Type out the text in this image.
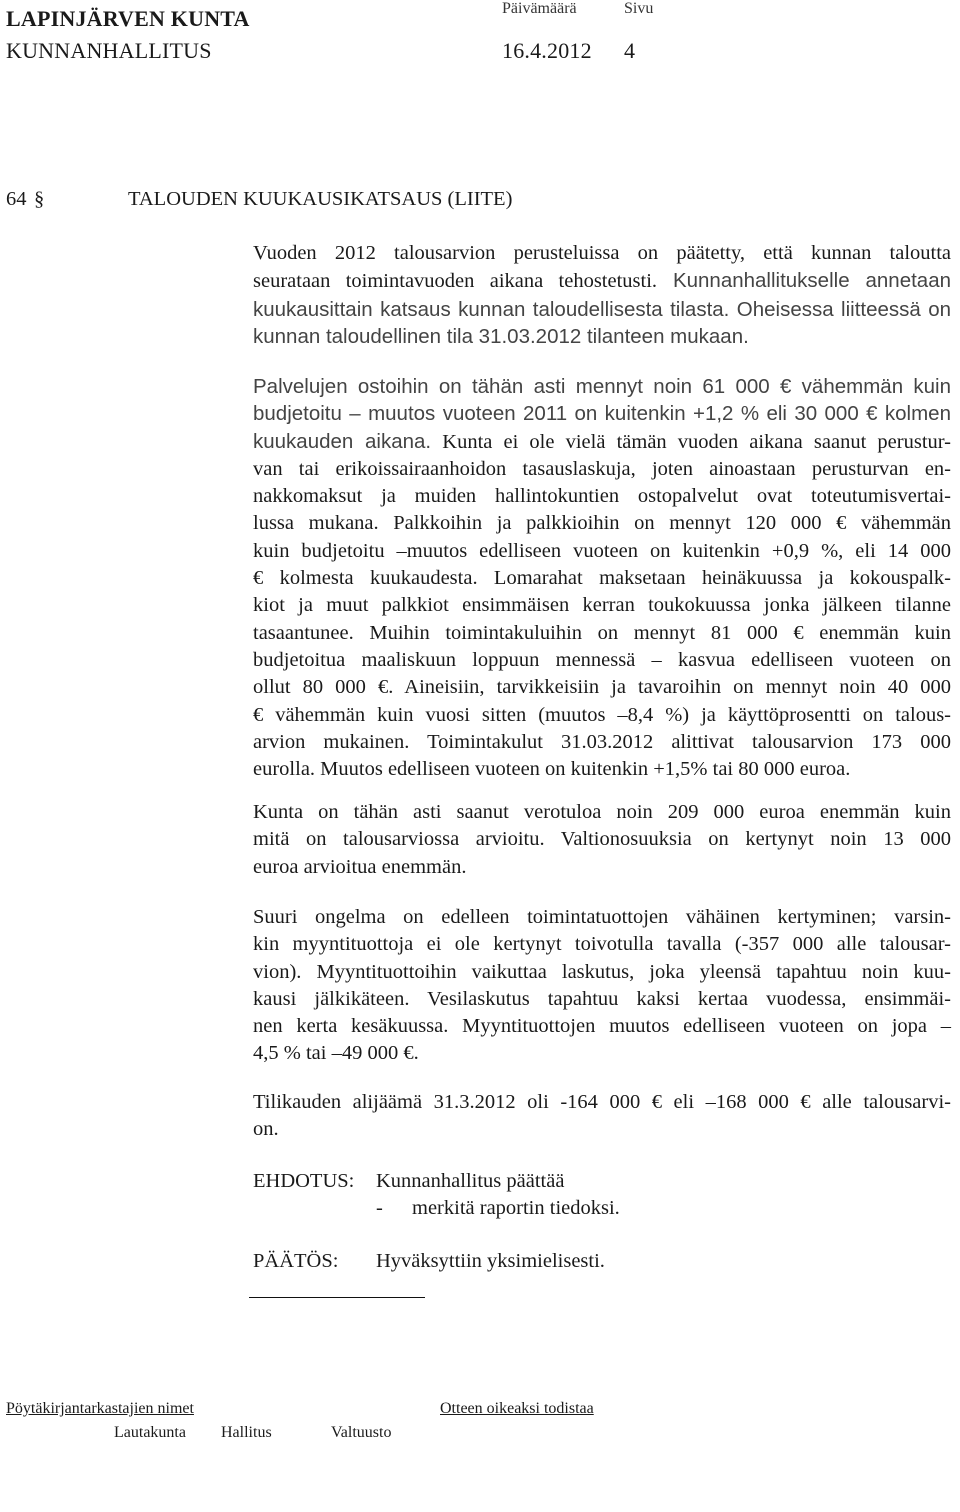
LAPINJÄRVEN KUNTA	Päivämäärä	Sivu
KUNNANHALLITUS	16.4.2012 4
64 §	TALOUDEN KUUKAUSIKATSAUS (LIITE)
Vuoden 2012 talousarvion perusteluissa on päätetty, että kunnan taloutta
seurataan toimintavuoden aikana tehostetusti. Kunnanhallitukselle annetaan
kuukausittain katsaus kunnan taloudellisesta tilasta. Oheisessa liitteessä on
kunnan taloudellinen tila 31.03.2012 tilanteen mukaan.
Palvelujen ostoihin on tähän asti mennyt noin 61 000 € vähemmän kuin
budjetoitu – muutos vuoteen 2011 on kuitenkin +1,2 % eli 30 000 € kolmen
kuukauden aikana. Kunta ei ole vielä tämän vuoden aikana saanut perustur-
van tai erikoissairaanhoidon tasauslaskuja, joten ainoastaan perusturvan en-
nakkomaksut ja muiden hallintokuntien ostopalvelut ovat toteutumisvertai-
lussa mukana. Palkkoihin ja palkkioihin on mennyt 120 000 € vähemmän
kuin budjetoitu –muutos edelliseen vuoteen on kuitenkin +0,9 %, eli 14 000
€ kolmesta kuukaudesta. Lomarahat maksetaan heinäkuussa ja kokouspalk-
kiot ja muut palkkiot ensimmäisen kerran toukokuussa jonka jälkeen tilanne
tasaantunee. Muihin toimintakuluihin on mennyt 81 000 € enemmän kuin
budjetoitua maaliskuun loppuun mennessä – kasvua edelliseen vuoteen on
ollut 80 000 €. Aineisiin, tarvikkeisiin ja tavaroihin on mennyt noin 40 000
€ vähemmän kuin vuosi sitten (muutos –8,4 %) ja käyttöprosentti on talous-
arvion mukainen. Toimintakulut 31.03.2012 alittivat talousarvion 173 000
eurolla. Muutos edelliseen vuoteen on kuitenkin +1,5% tai 80 000 euroa.
Kunta on tähän asti saanut verotuloa noin 209 000 euroa enemmän kuin
mitä on talousarviossa arvioitu. Valtionosuuksia on kertynyt noin 13 000
euroa arvioitua enemmän.
Suuri ongelma on edelleen toimintatuottojen vähäinen kertyminen; varsin-
kin myyntituottoja ei ole kertynyt toivotulla tavalla (-357 000 alle talousar-
vion). Myyntituottoihin vaikuttaa laskutus, joka yleensä tapahtuu noin kuu-
kausi jälkikäteen. Vesilaskutus tapahtuu kaksi kertaa vuodessa, ensimmäi-
nen kerta kesäkuussa. Myyntituottojen muutos edelliseen vuoteen on jopa –
4,5 % tai –49 000 €.
Tilikauden alijäämä 31.3.2012 oli -164 000 € eli –168 000 € alle talousarvi-
on.
EHDOTUS: Kunnanhallitus päättää
- merkitä raportin tiedoksi.
PÄÄTÖS: Hyväksyttiin yksimielisesti.
Pöytäkirjantarkastajien nimet	Otteen oikeaksi todistaa
Lautakunta Hallitus	Valtuusto
